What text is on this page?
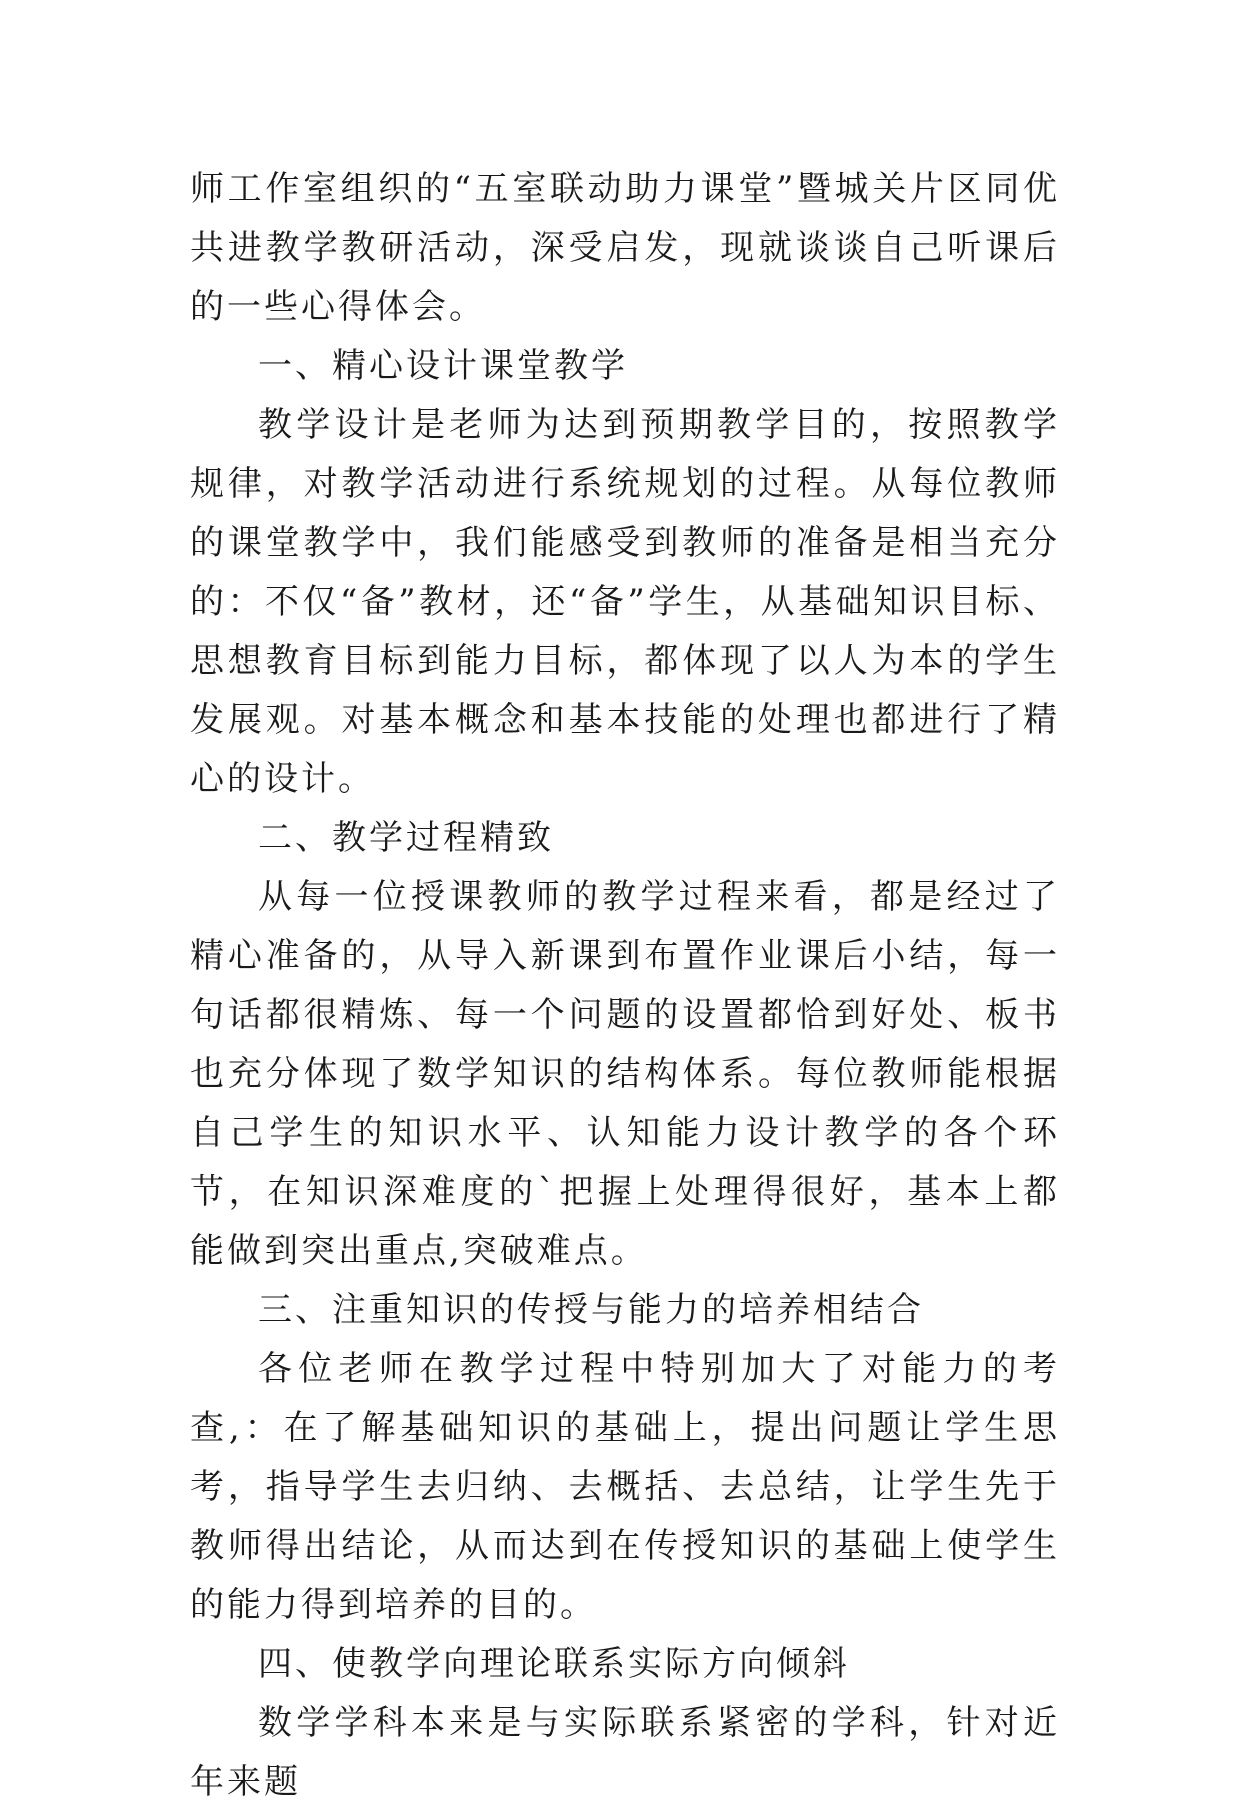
师工作室组织的“五室联动助力课堂”暨城关片区同优共进教学教研活动，深受启发，现就谈谈自己听课后的一些心得体会。

一、精心设计课堂教学

教学设计是老师为达到预期教学目的，按照教学规律，对教学活动进行系统规划的过程。从每位教师的课堂教学中，我们能感受到教师的准备是相当充分的：不仅“备”教材，还“备”学生，从基础知识目标、思想教育目标到能力目标，都体现了以人为本的学生发展观。对基本概念和基本技能的处理也都进行了精心的设计。

二、教学过程精致

从每一位授课教师的教学过程来看，都是经过了精心准备的，从导入新课到布置作业课后小结，每一句话都很精炼、每一个问题的设置都恰到好处、板书也充分体现了数学知识的结构体系。每位教师能根据自己学生的知识水平、认知能力设计教学的各个环节，在知识深难度的`把握上处理得很好，基本上都能做到突出重点,突破难点。

三、注重知识的传授与能力的培养相结合

各位老师在教学过程中特别加大了对能力的考查,：在了解基础知识的基础上，提出问题让学生思考，指导学生去归纳、去概括、去总结，让学生先于教师得出结论，从而达到在传授知识的基础上使学生的能力得到培养的目的。

四、使教学向理论联系实际方向倾斜

数学学科本来是与实际联系紧密的学科，针对近年来题
